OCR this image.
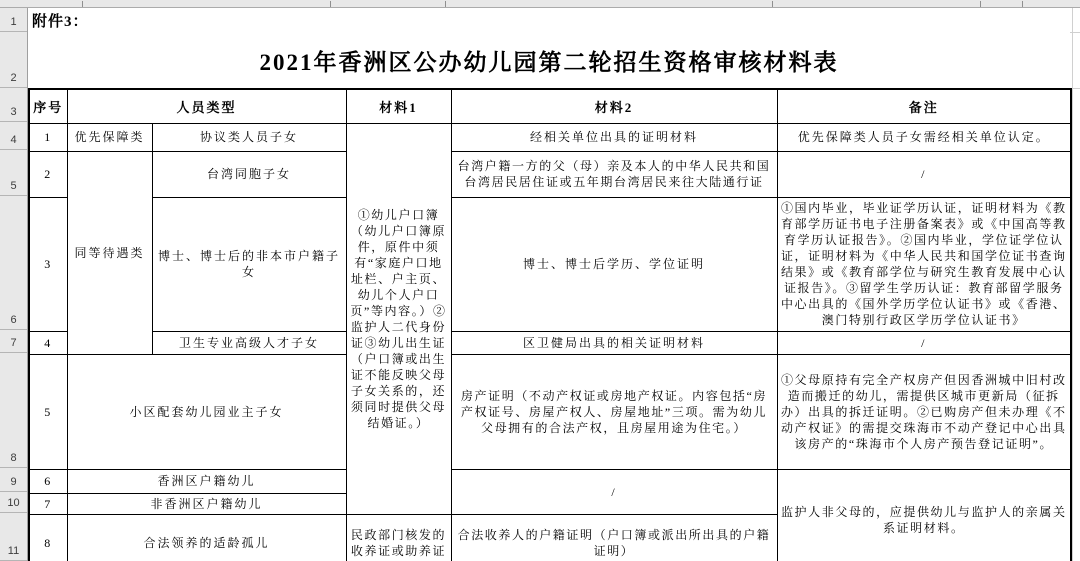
1
2
3
4
5
6
7
8
9
10
11
附件3：
2021年香洲区公办幼儿园第二轮招生资格审核材料表
序号	人员类型		材料1	材料2	备注

1	优先保障类	协议类人员子女	①幼儿户口簿（幼儿户口簿原件，原件中须有“家庭户口地址栏、户主页、幼儿个人户口页”等内容。）②监护人二代身份证③幼儿出生证（户口簿或出生证不能反映父母子女关系的，还须同时提供父母结婚证。）	经相关单位出具的证明材料	优先保障类人员子女需经相关单位认定。

2	同等待遇类	台湾同胞子女		台湾户籍一方的父（母）亲及本人的中华人民共和国台湾居民居住证或五年期台湾居民来往大陆通行证	/

3		博士、博士后的非本市户籍子女		博士、博士后学历、学位证明	①国内毕业，毕业证学历认证，证明材料为《教育部学历证书电子注册备案表》或《中国高等教育学历认证报告》。②国内毕业，学位证学位认证，证明材料为《中华人民共和国学位证书查询结果》或《教育部学位与研究生教育发展中心认证报告》。③留学生学历认证：教育部留学服务中心出具的《国外学历学位认证书》或《香港、澳门特别行政区学历学位认证书》

4		卫生专业高级人才子女		区卫健局出具的相关证明材料	/

5	小区配套幼儿园业主子女			房产证明（不动产权证或房地产权证。内容包括“房产权证号、房屋产权人、房屋地址”三项。需为幼儿父母拥有的合法产权，且房屋用途为住宅。）	①父母原持有完全产权房产但因香洲城中旧村改造而搬迁的幼儿，需提供区城市更新局（征拆办）出具的拆迁证明。②已购房产但未办理《不动产权证》的需提交珠海市不动产登记中心出具该房产的“珠海市个人房产预告登记证明”。

6	香洲区户籍幼儿			/	监护人非父母的，应提供幼儿与监护人的亲属关系证明材料。

7	非香洲区户籍幼儿				

8	合法领养的适龄孤儿		民政部门核发的收养证或助养证	合法收养人的户籍证明（户口簿或派出所出具的户籍证明）	
